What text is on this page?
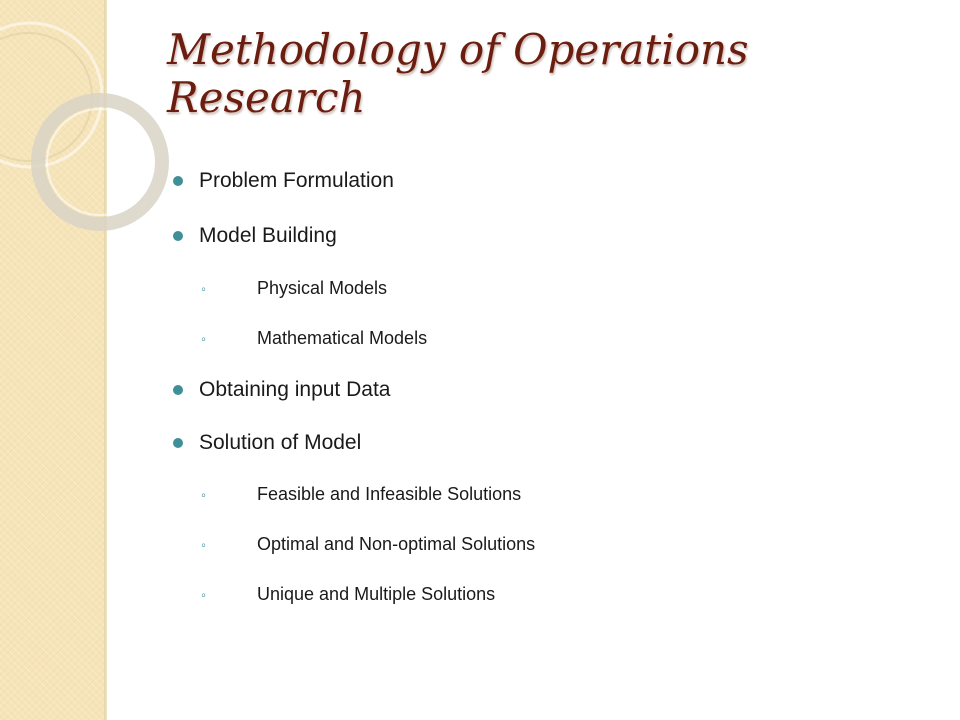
Methodology of Operations Research
Problem Formulation
Model Building
◦ Physical Models
◦ Mathematical Models
Obtaining input Data
Solution of Model
◦ Feasible and Infeasible Solutions
◦ Optimal and Non-optimal Solutions
◦ Unique and Multiple Solutions
